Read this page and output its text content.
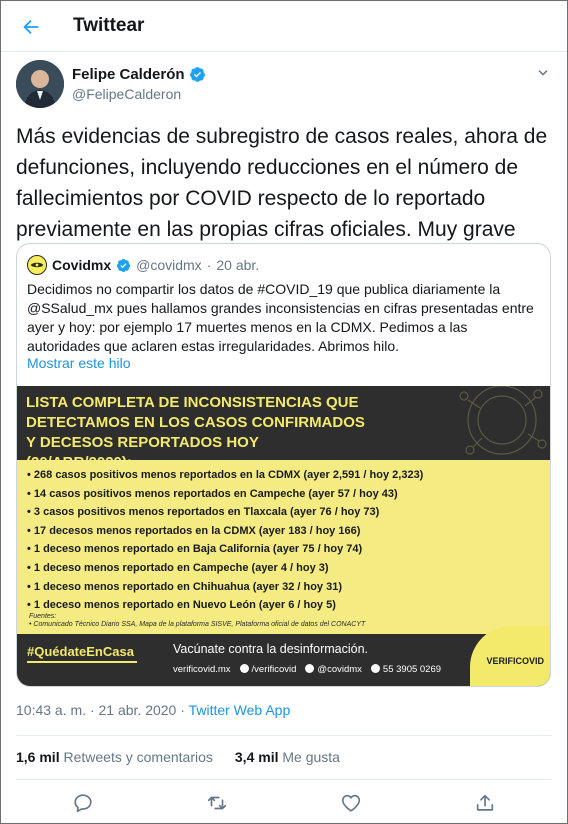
Twittear
Felipe Calderón
@FelipeCalderon
Más evidencias de subregistro de casos reales, ahora de defunciones, incluyendo reducciones en el número de fallecimientos por COVID respecto de lo reportado previamente en las propias cifras oficiales. Muy grave
Covidmx @covidmx · 20 abr.
Decidimos no compartir los datos de #COVID_19 que publica diariamente la @SSalud_mx pues hallamos grandes inconsistencias en cifras presentadas entre ayer y hoy: por ejemplo 17 muertes menos en la CDMX. Pedimos a las autoridades que aclaren estas irregularidades. Abrimos hilo.
Mostrar este hilo
LISTA COMPLETA DE INCONSISTENCIAS QUE DETECTAMOS EN LOS CASOS CONFIRMADOS Y DECESOS REPORTADOS HOY
• 268 casos positivos menos reportados en la CDMX (ayer 2,591 / hoy 2,323)
• 14 casos positivos menos reportados en Campeche (ayer 57 / hoy 43)
• 3 casos positivos menos reportados en Tlaxcala (ayer 76 / hoy 73)
• 17 decesos menos reportados en la CDMX (ayer 183 / hoy 166)
• 1 deceso menos reportado en Baja California (ayer 75 / hoy 74)
• 1 deceso menos reportado en Campeche (ayer 4 / hoy 3)
• 1 deceso menos reportado en Chihuahua (ayer 32 / hoy 31)
• 1 deceso menos reportado en Nuevo León (ayer 6 / hoy 5)
Fuentes:
• Comunicado Técnico Diario SSA, Mapa de la plataforma SISVE, Plataforma oficial de datos del CONACYT
#QuédateEnCasa	Vacúnate contra la desinformación.
verificovid.mx	/verificovid	@covidmx	55 3905 0269
VERIFICOVID
10:43 a. m. · 21 abr. 2020 · Twitter Web App
1,6 mil Retweets y comentarios 3,4 mil Me gusta
